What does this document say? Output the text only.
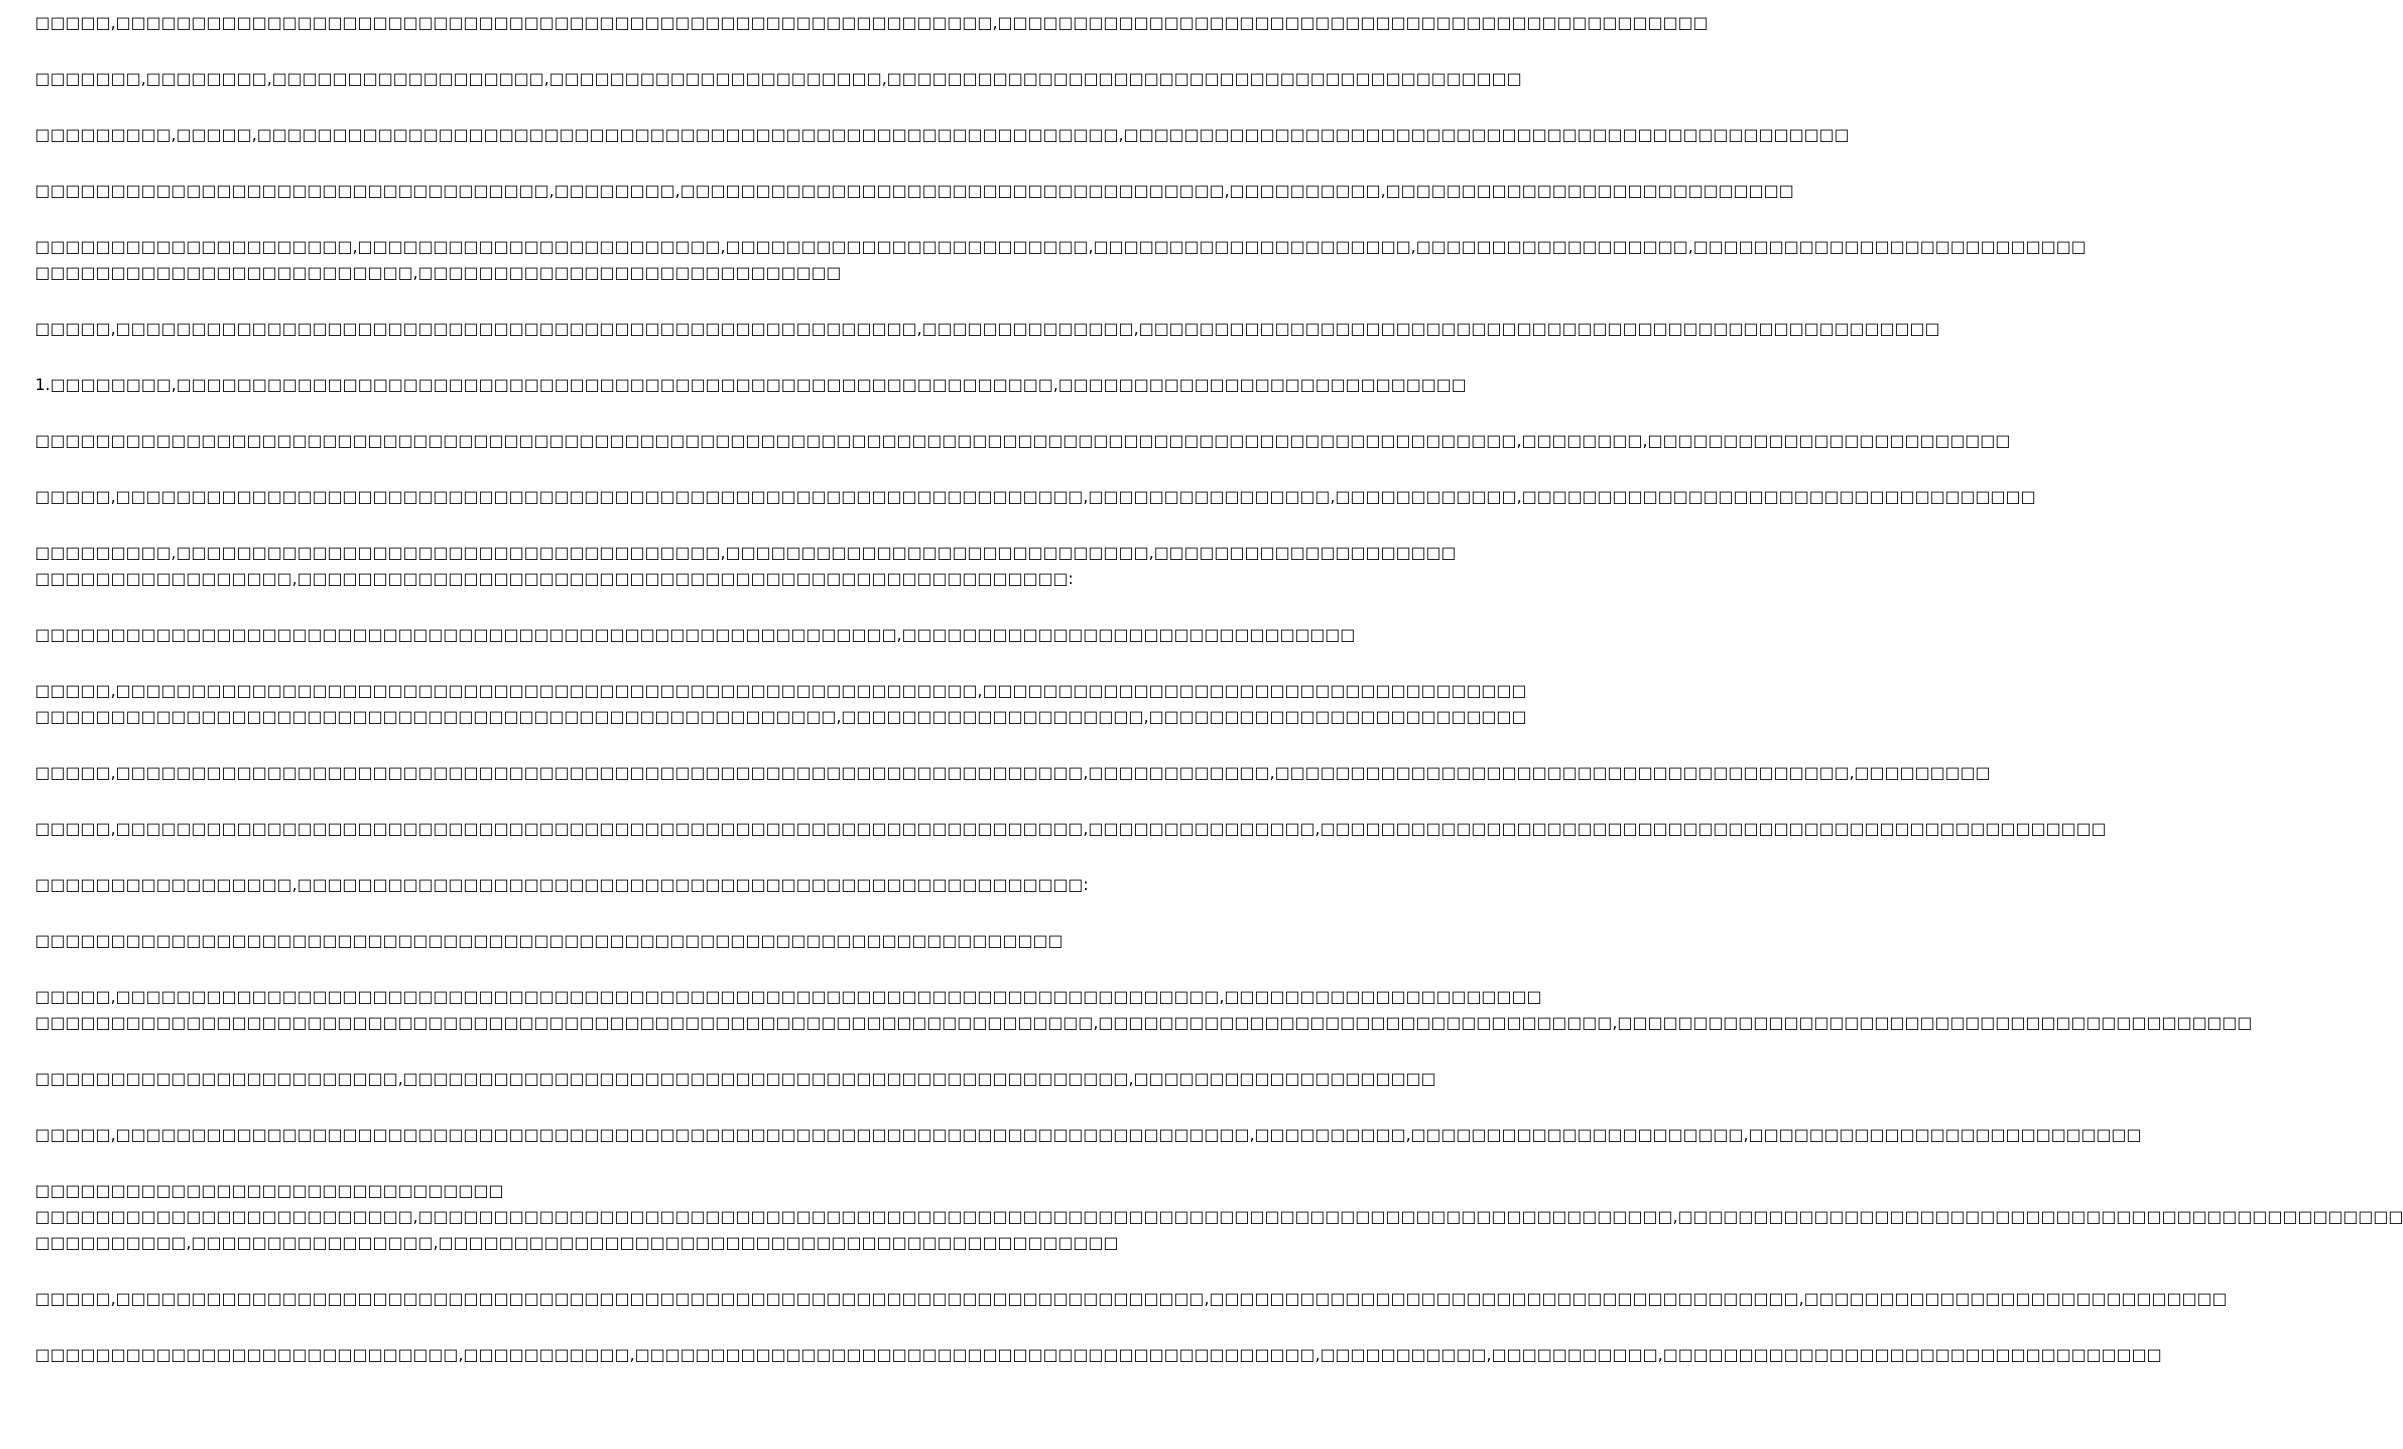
□□□□□,□□□□□□□□□□□□□□□□□□□□□□□□□□□□□□□□□□□□□□□□□□□□□□□□□□□□□□□□□□,□□□□□□□□□□□□□□□□□□□□□□□□□□□□□□□□□□□□□□□□□□□□□□□
□□□□□□□,□□□□□□□□,□□□□□□□□□□□□□□□□□□,□□□□□□□□□□□□□□□□□□□□□□,□□□□□□□□□□□□□□□□□□□□□□□□□□□□□□□□□□□□□□□□□□
□□□□□□□□□,□□□□□,□□□□□□□□□□□□□□□□□□□□□□□□□□□□□□□□□□□□□□□□□□□□□□□□□□□□□□□□□,□□□□□□□□□□□□□□□□□□□□□□□□□□□□□□□□□□□□□□□□□□□□□□□□
□□□□□□□□□□□□□□□□□□□□□□□□□□□□□□□□□□,□□□□□□□□,□□□□□□□□□□□□□□□□□□□□□□□□□□□□□□□□□□□□,□□□□□□□□□□,□□□□□□□□□□□□□□□□□□□□□□□□□□□
□□□□□□□□□□□□□□□□□□□□□,□□□□□□□□□□□□□□□□□□□□□□□□,□□□□□□□□□□□□□□□□□□□□□□□□,□□□□□□□□□□□□□□□□□□□□□,□□□□□□□□□□□□□□□□□□,□□□□□□□□□□□□□□□□□□□□□□□□□□
□□□□□□□□□□□□□□□□□□□□□□□□□,□□□□□□□□□□□□□□□□□□□□□□□□□□□□
□□□□□,□□□□□□□□□□□□□□□□□□□□□□□□□□□□□□□□□□□□□□□□□□□□□□□□□□□□□,□□□□□□□□□□□□□□,□□□□□□□□□□□□□□□□□□□□□□□□□□□□□□□□□□□□□□□□□□□□□□□□□□□□□
1.□□□□□□□□,□□□□□□□□□□□□□□□□□□□□□□□□□□□□□□□□□□□□□□□□□□□□□□□□□□□□□□□□□□,□□□□□□□□□□□□□□□□□□□□□□□□□□□
□□□□□□□□□□□□□□□□□□□□□□□□□□□□□□□□□□□□□□□□□□□□□□□□□□□□□□□□□□□□□□□□□□□□□□□□□□□□□□□□□□□□□□□□□□□□□□□□□□,□□□□□□□□,□□□□□□□□□□□□□□□□□□□□□□□□
□□□□□,□□□□□□□□□□□□□□□□□□□□□□□□□□□□□□□□□□□□□□□□□□□□□□□□□□□□□□□□□□□□□□□□,□□□□□□□□□□□□□□□□,□□□□□□□□□□□□,□□□□□□□□□□□□□□□□□□□□□□□□□□□□□□□□□□
□□□□□□□□□,□□□□□□□□□□□□□□□□□□□□□□□□□□□□□□□□□□□□,□□□□□□□□□□□□□□□□□□□□□□□□□□□□,□□□□□□□□□□□□□□□□□□□□
□□□□□□□□□□□□□□□□□,□□□□□□□□□□□□□□□□□□□□□□□□□□□□□□□□□□□□□□□□□□□□□□□□□□□:
□□□□□□□□□□□□□□□□□□□□□□□□□□□□□□□□□□□□□□□□□□□□□□□□□□□□□□□□□,□□□□□□□□□□□□□□□□□□□□□□□□□□□□□□
□□□□□,□□□□□□□□□□□□□□□□□□□□□□□□□□□□□□□□□□□□□□□□□□□□□□□□□□□□□□□□□,□□□□□□□□□□□□□□□□□□□□□□□□□□□□□□□□□□□□
□□□□□□□□□□□□□□□□□□□□□□□□□□□□□□□□□□□□□□□□□□□□□□□□□□□□□,□□□□□□□□□□□□□□□□□□□□,□□□□□□□□□□□□□□□□□□□□□□□□□
□□□□□,□□□□□□□□□□□□□□□□□□□□□□□□□□□□□□□□□□□□□□□□□□□□□□□□□□□□□□□□□□□□□□□□,□□□□□□□□□□□□,□□□□□□□□□□□□□□□□□□□□□□□□□□□□□□□□□□□□□□,□□□□□□□□□
□□□□□,□□□□□□□□□□□□□□□□□□□□□□□□□□□□□□□□□□□□□□□□□□□□□□□□□□□□□□□□□□□□□□□□,□□□□□□□□□□□□□□□,□□□□□□□□□□□□□□□□□□□□□□□□□□□□□□□□□□□□□□□□□□□□□□□□□□□□
□□□□□□□□□□□□□□□□□,□□□□□□□□□□□□□□□□□□□□□□□□□□□□□□□□□□□□□□□□□□□□□□□□□□□□:
□□□□□□□□□□□□□□□□□□□□□□□□□□□□□□□□□□□□□□□□□□□□□□□□□□□□□□□□□□□□□□□□□□□□
□□□□□,□□□□□□□□□□□□□□□□□□□□□□□□□□□□□□□□□□□□□□□□□□□□□□□□□□□□□□□□□□□□□□□□□□□□□□□□□,□□□□□□□□□□□□□□□□□□□□□
□□□□□□□□□□□□□□□□□□□□□□□□□□□□□□□□□□□□□□□□□□□□□□□□□□□□□□□□□□□□□□□□□□□□□□,□□□□□□□□□□□□□□□□□□□□□□□□□□□□□□□□□□,□□□□□□□□□□□□□□□□□□□□□□□□□□□□□□□□□□□□□□□□□□
□□□□□□□□□□□□□□□□□□□□□□□□,□□□□□□□□□□□□□□□□□□□□□□□□□□□□□□□□□□□□□□□□□□□□□□□□,□□□□□□□□□□□□□□□□□□□□
□□□□□,□□□□□□□□□□□□□□□□□□□□□□□□□□□□□□□□□□□□□□□□□□□□□□□□□□□□□□□□□□□□□□□□□□□□□□□□□□□,□□□□□□□□□□,□□□□□□□□□□□□□□□□□□□□□□,□□□□□□□□□□□□□□□□□□□□□□□□□□
□□□□□□□□□□□□□□□□□□□□□□□□□□□□□□□
□□□□□□□□□□□□□□□□□□□□□□□□□,□□□□□□□□□□□□□□□□□□□□□□□□□□□□□□□□□□□□□□□□□□□□□□□□□□□□□□□□□□□□□□□□□□□□□□□□□□□□□□□□□□□,□□□□□□□□□□□□□□□□□□□□□□□□□□□□□□□□□□□□□□□□□□□□□□□□
□□□□□□□□□□,□□□□□□□□□□□□□□□□,□□□□□□□□□□□□□□□□□□□□□□□□□□□□□□□□□□□□□□□□□□□□□
□□□□□,□□□□□□□□□□□□□□□□□□□□□□□□□□□□□□□□□□□□□□□□□□□□□□□□□□□□□□□□□□□□□□□□□□□□□□□□,□□□□□□□□□□□□□□□□□□□□□□□□□□□□□□□□□□□□□□□,□□□□□□□□□□□□□□□□□□□□□□□□□□□□
□□□□□□□□□□□□□□□□□□□□□□□□□□□□,□□□□□□□□□□□,□□□□□□□□□□□□□□□□□□□□□□□□□□□□□□□□□□□□□□□□□□□□□,□□□□□□□□□□□,□□□□□□□□□□□,□□□□□□□□□□□□□□□□□□□□□□□□□□□□□□□□□
